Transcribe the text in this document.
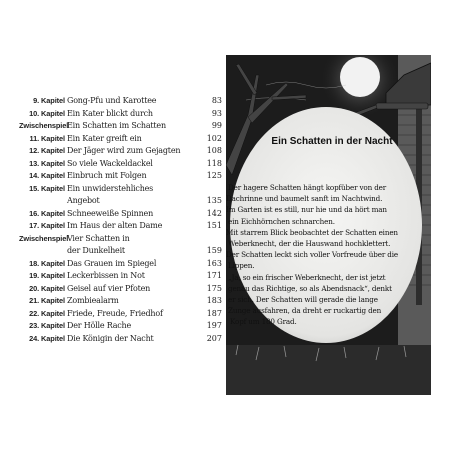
9. Kapitel Gong-Pfu und Karottee	83
10. Kapitel Ein Kater blickt durch	93
Zwischenspiel
Ein Schatten im Schatten	99
11. Kapitel Ein Kater greift ein	102
12. Kapitel Der Jäger wird zum Gejagten	108
13. Kapitel So viele Wackeldackel	118
14. Kapitel Einbruch mit Folgen	125
15. Kapitel Ein unwiderstehliches
Angebot	135
16. Kapitel Schneeweiße Spinnen	142
17. Kapitel Im Haus der alten Dame	151
Zwischenspiel
Vier Schatten in
der Dunkelheit	159
18. Kapitel Das Grauen im Spiegel	163
19. Kapitel Leckerbissen in Not	171
20. Kapitel Geisel auf vier Pfoten	175
21. Kapitel Zombiealarm	183
22. Kapitel Friede, Freude, Friedhof	187
23. Kapitel Der Hölle Rache	197
24. Kapitel Die Königin der Nacht	207
Ein Schatten in der Nacht
Der hagere Schatten hängt kopfüber von der
Dachrinne und baumelt sanft im Nachtwind.
Im Garten ist es still, nur hie und da hört man
ein Eichhörnchen schnarchen.
Mit starrem Blick beobachtet der Schatten einen
Weberknecht, der die Hauswand hochklettert.
Der Schatten leckt sich voller Vorfreude über die
Lippen.
„Ja, so ein frischer Weberknecht, der ist jetzt
genau das Richtige, so als Abendsnack“, denkt
er sich. Der Schatten will gerade die lange
Zunge ausfahren, da dreht er ruckartig den
Kopf um 180 Grad.
